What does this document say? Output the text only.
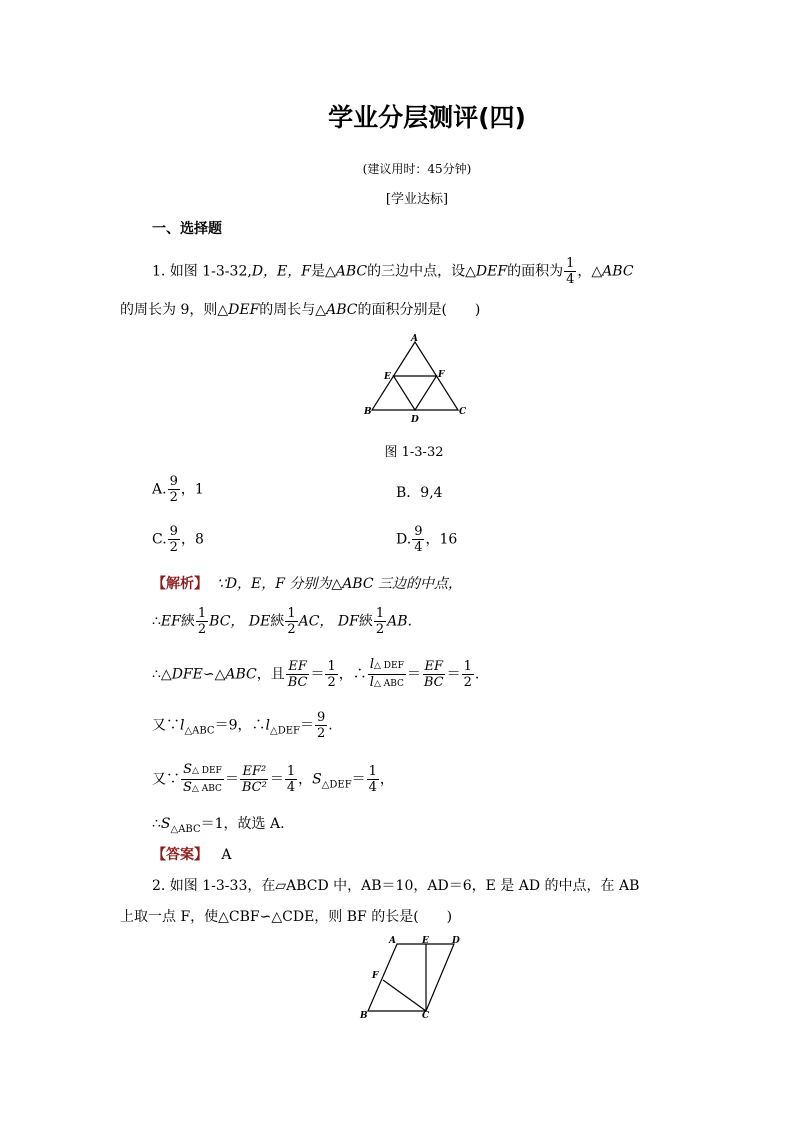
学业分层测评(四)
(建议用时：45分钟)
[学业达标]
一、选择题
1. 如图 1-3-32,D，E，F是△ABC的三边中点，设△DEF的面积为 $\frac{1}{4}$ ，△ABC
的周长为 9，则△DEF的周长与△ABC的面积分别是(　　)
A
B	C
D
E	F
图 1-3-32
A. $\frac{9}{2}$ ，1	B．9,4
C. $\frac{9}{2}$ ，8	D. $\frac{9}{4}$ ，16
【解析】 ∵D，E，F 分别为△ABC 三边的中点，
∴EF綊 $\frac{1}{2}$ BC， DE綊 $\frac{1}{2}$ AC， DF綊 $\frac{1}{2}$ AB.
∴△DFE∽△ABC，且 $\frac{EF}{BC} = \frac{1}{2}$ ，∴ $\frac{\text{l△ DEF}}{\text{l△ ABC}} = \frac{EF}{BC} = \frac{1}{2}$ .
又$\because l_{\triangle ABC}=9$，$\therefore l_{\triangle DEF}= \frac{9}{2}$ .
又∵ $\frac{\text{S△ DEF}}{\text{S△ ABC}} = \frac{\text{EF²}}{\text{BC²}} = \frac{1}{4}$ ，$S_{\triangle DEF}= \frac{1}{4}$ ，
$\therefore S_{\triangle ABC}=1$，故选 A.
【答案】 A
2. 如图 1-3-33，在▱ABCD 中，AB＝10，AD＝6，E 是 AD 的中点，在 AB
上取一点 F，使△CBF∽△CDE，则 BF 的长是(　　)
A	E	D
F
B	C
